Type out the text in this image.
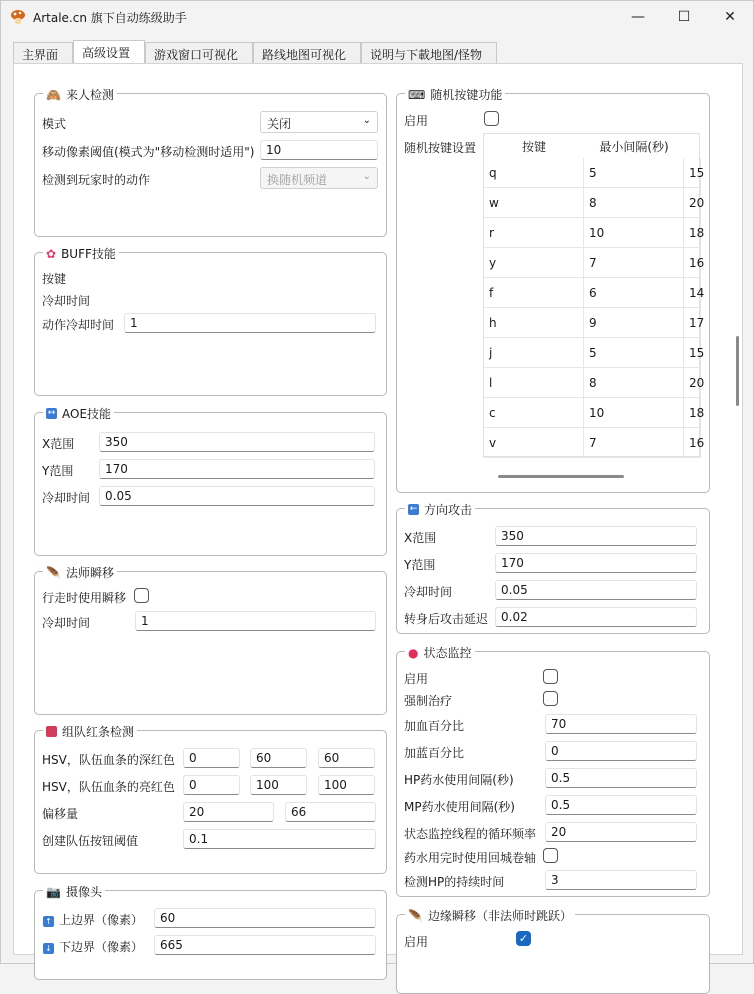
Artale.cn 旗下自动练级助手	—	☐	✕
主界面	高级设置	游戏窗口可视化	路线地图可视化	说明与下載地图/怪物
🙈 来人检测
模式	关闭	⌄
移动像素阈值(模式为"移动检测时适用") 10
检测到玩家时的动作	换随机频道	⌄
✿ BUFF技能
按键
冷却时间
动作冷却时间	1
↔ AOE技能
X范围	350
Y范围	170
冷却时间	0.05
🪶 法师瞬移
行走时使用瞬移
冷却时间	1
组队红条检测
HSV，队伍血条的深红色	0	60	60
HSV，队伍血条的亮红色	0	100	100
偏移量	20	66
创建队伍按钮阈值	0.1
📷 摄像头
↑ 上边界（像素）	60
↓ 下边界（像素）	665
⌨ 随机按键功能
启用
随机按键设置	按键	最小间隔(秒)
q	5	15
w	8	20
r	10	18
y	7	16
f	6	14
h	9	17
j	5	15
l	8	20
c	10	18
v	7	16
← 方向攻击
X范围	350
Y范围	170
冷却时间	0.05
转身后攻击延迟	0.02
● 状态监控
启用
强制治疗
加血百分比	70
加蓝百分比	0
HP药水使用间隔(秒)	0.5
MP药水使用间隔(秒)	0.5
状态监控线程的循环频率	20
药水用完时使用回城卷轴
检测HP的持续时间	3
🪶 边缘瞬移（非法师时跳跃）
启用	✓
